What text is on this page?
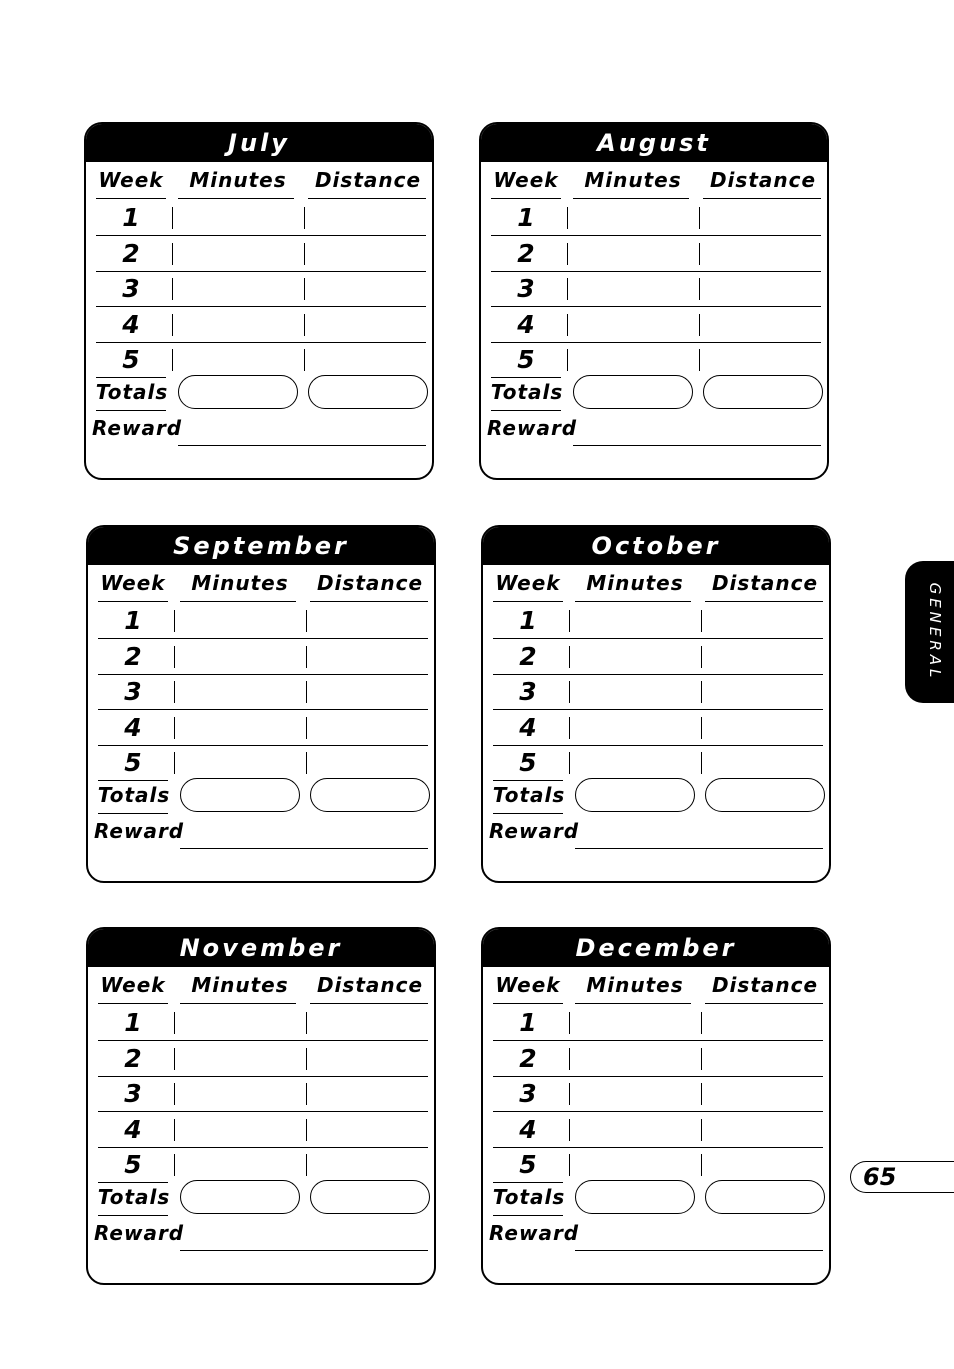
July
Week	Minutes	Distance
1
2
3
4
5
Totals
Reward
August
Week	Minutes	Distance
1
2
3
4
5
Totals
Reward
September
Week	Minutes	Distance
1
2
3
4
5
Totals
Reward
October
Week	Minutes	Distance
1
2
3
4
5
Totals
Reward
November
Week	Minutes	Distance
1
2
3
4
5
Totals
Reward
December
Week	Minutes	Distance
1
2
3
4
5
Totals
Reward
GENERAL
65
